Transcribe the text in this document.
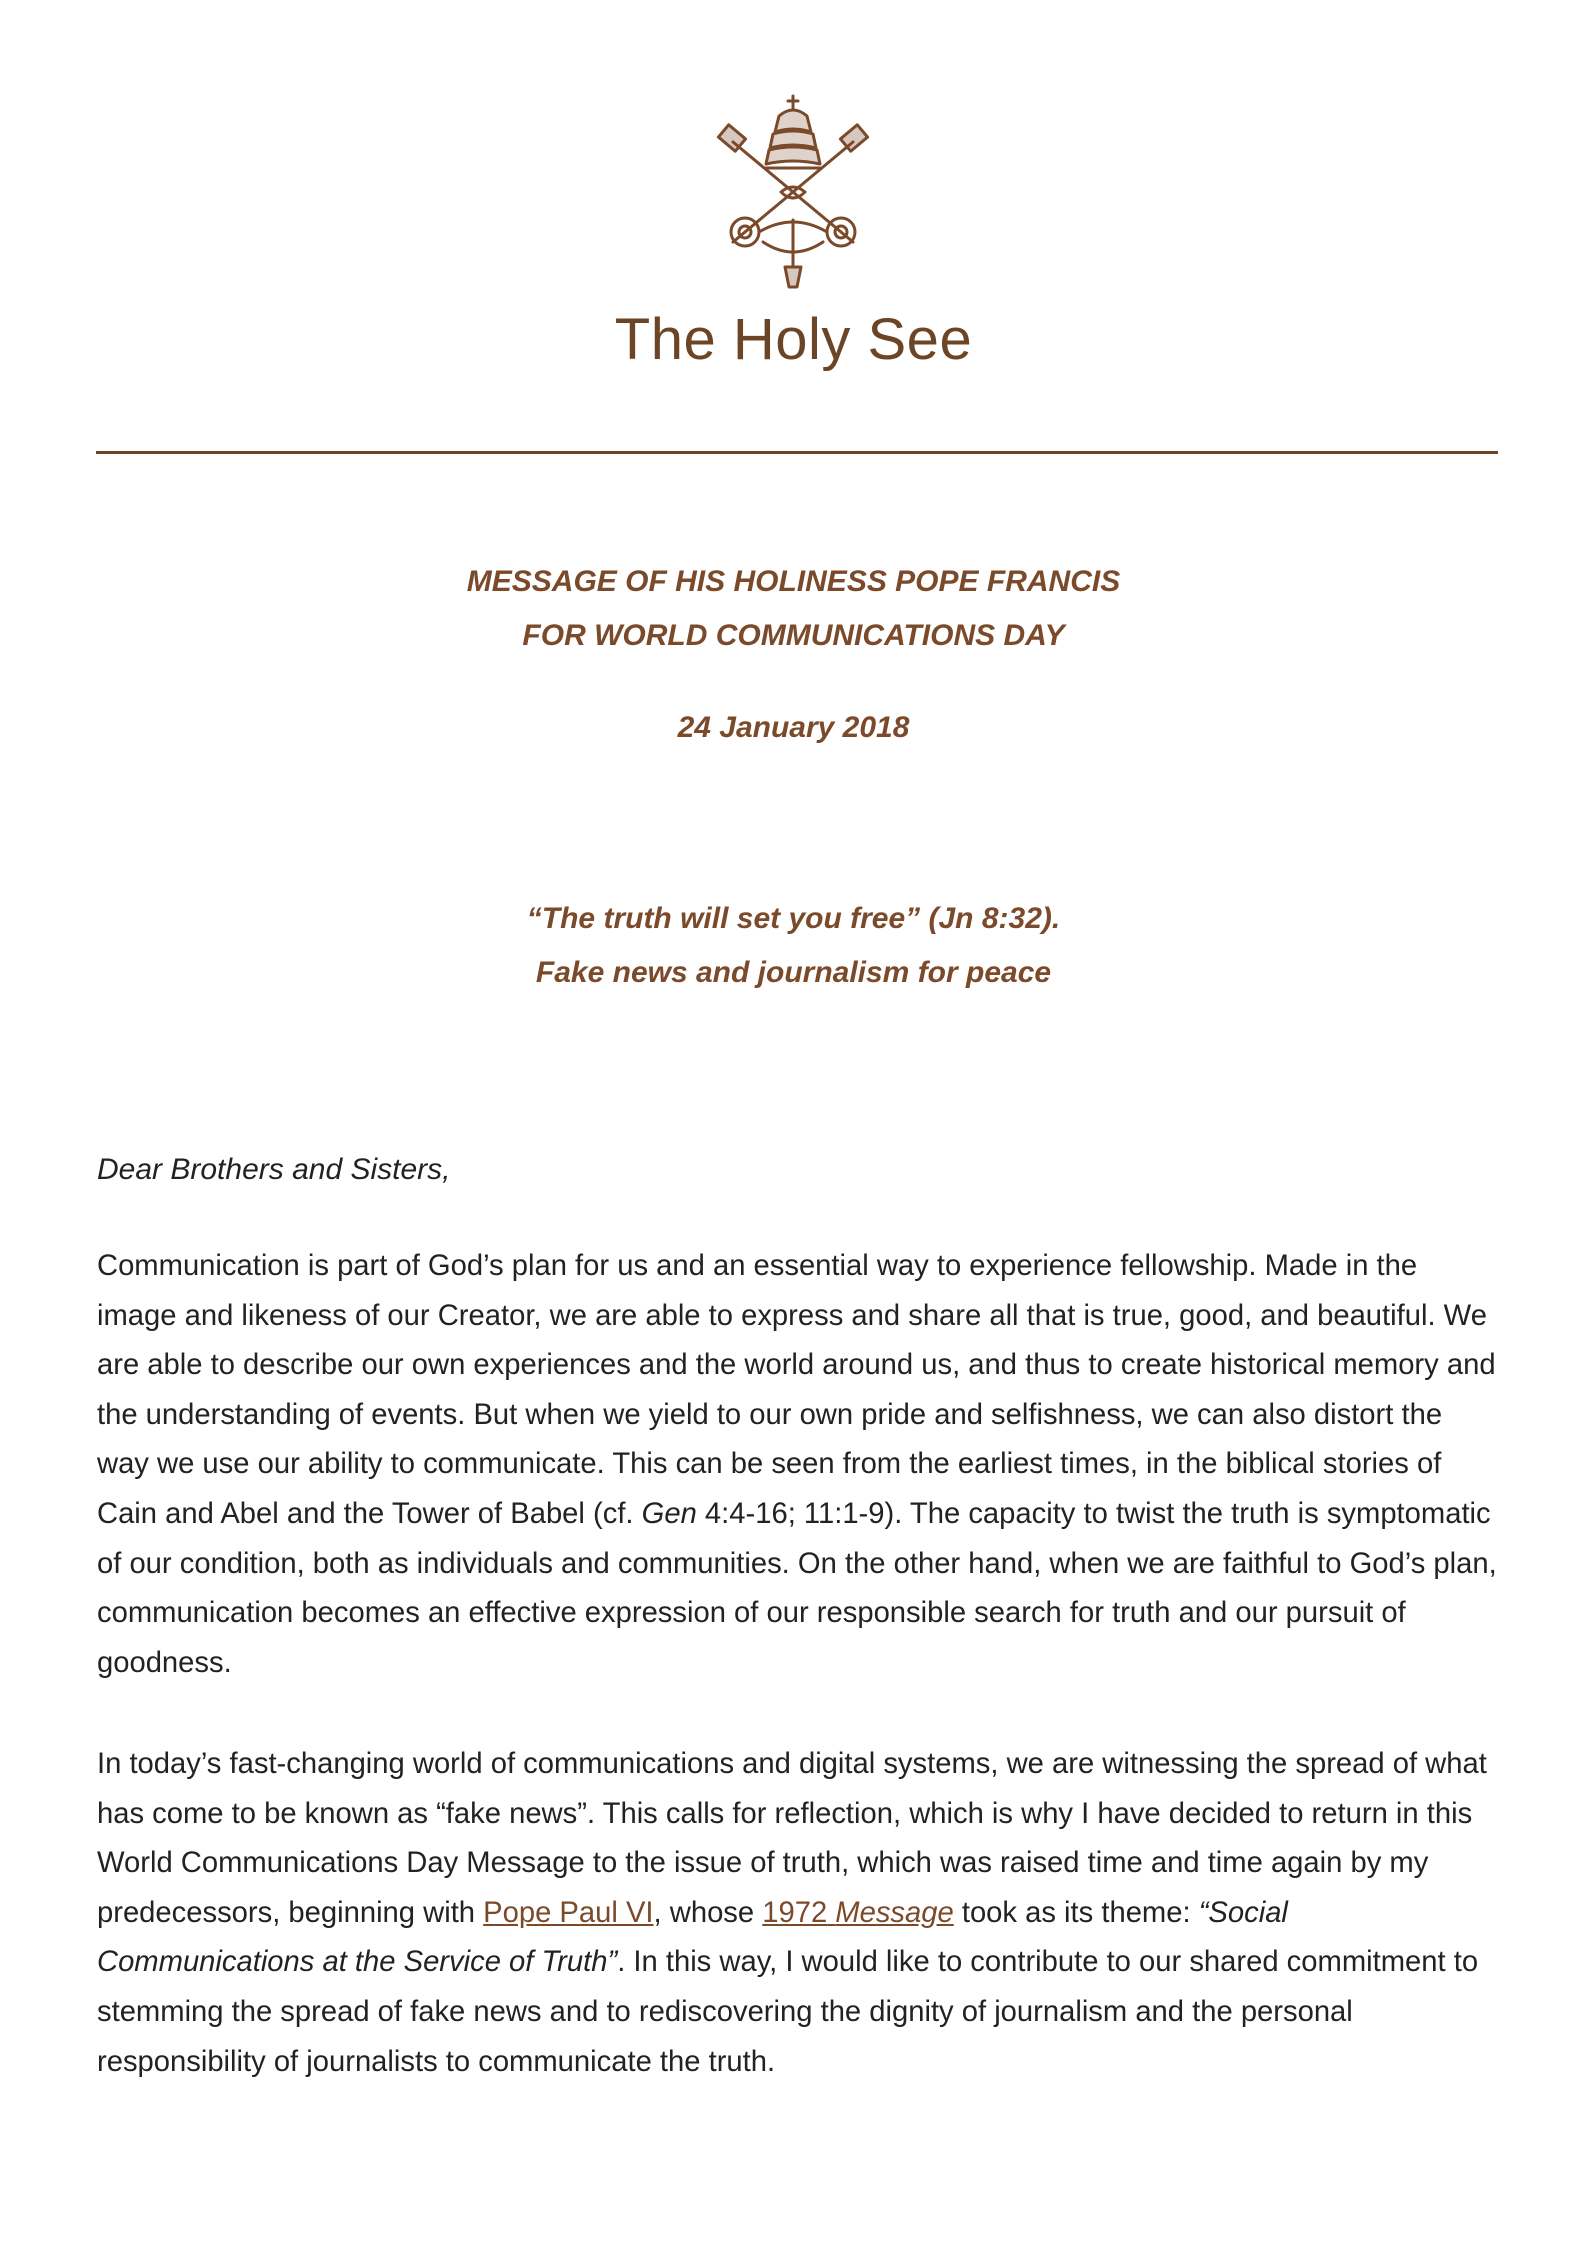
The Holy See
MESSAGE OF HIS HOLINESS POPE FRANCIS
FOR WORLD COMMUNICATIONS DAY
24 January 2018
“The truth will set you free” (Jn 8:32).
Fake news and journalism for peace
Dear Brothers and Sisters,

Communication is part of God’s plan for us and an essential way to experience fellowship. Made in the image and likeness of our Creator, we are able to express and share all that is true, good, and beautiful. We are able to describe our own experiences and the world around us, and thus to create historical memory and the understanding of events. But when we yield to our own pride and selfishness, we can also distort the way we use our ability to communicate. This can be seen from the earliest times, in the biblical stories of Cain and Abel and the Tower of Babel (cf. Gen 4:4-16; 11:1-9). The capacity to twist the truth is symptomatic of our condition, both as individuals and communities. On the other hand, when we are faithful to God’s plan, communication becomes an effective expression of our responsible search for truth and our pursuit of goodness.

In today’s fast-changing world of communications and digital systems, we are witnessing the spread of what has come to be known as “fake news”. This calls for reflection, which is why I have decided to return in this World Communications Day Message to the issue of truth, which was raised time and time again by my predecessors, beginning with Pope Paul VI, whose 1972 Message took as its theme: “Social Communications at the Service of Truth”. In this way, I would like to contribute to our shared commitment to stemming the spread of fake news and to rediscovering the dignity of journalism and the personal responsibility of journalists to communicate the truth.
